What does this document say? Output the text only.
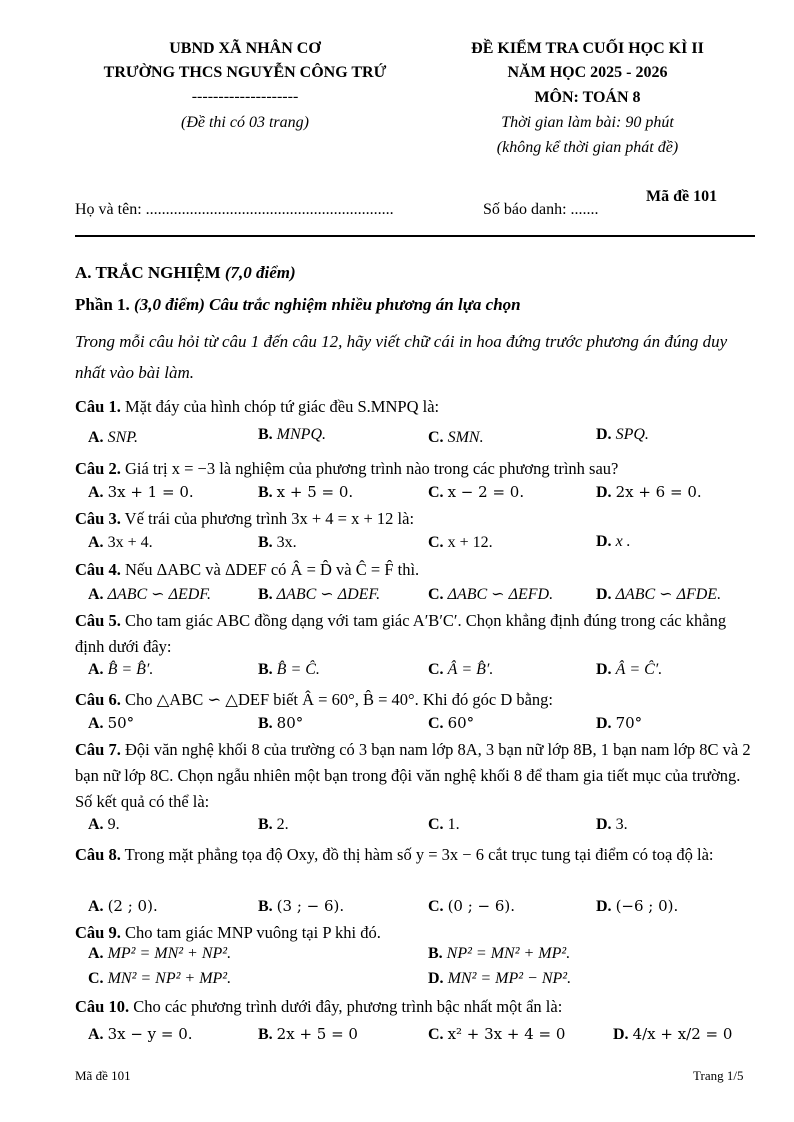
UBND XÃ NHÂN CƠ
TRƯỜNG THCS NGUYỄN CÔNG TRỨ
--------------------
(Đề thi có 03 trang)
ĐỀ KIỂM TRA CUỐI HỌC KÌ II
NĂM HỌC 2025 - 2026
MÔN: TOÁN 8
Thời gian làm bài: 90 phút
(không kể thời gian phát đề)
Họ và tên: ..............................................................	Số báo danh: .......
Mã đề 101
A. TRẮC NGHIỆM (7,0 điểm)
Phần 1. (3,0 điểm) Câu trắc nghiệm nhiều phương án lựa chọn
Trong mỗi câu hỏi từ câu 1 đến câu 12, hãy viết chữ cái in hoa đứng trước phương án đúng duy nhất vào bài làm.
Câu 1. Mặt đáy của hình chóp tứ giác đều S.MNPQ là:
A. SNP.	B. MNPQ.	C. SMN.	D. SPQ.
Câu 2. Giá trị x = −3 là nghiệm của phương trình nào trong các phương trình sau?
A. 3x + 1 = 0.	B. x + 5 = 0.	C. x − 2 = 0.	D. 2x + 6 = 0.
Câu 3. Vế trái của phương trình 3x + 4 = x + 12 là:
A. 3x + 4.	B. 3x.	C. x + 12.	D. x .
Câu 4. Nếu ΔABC và ΔDEF có Â = D̂ và Ĉ = F̂ thì.
A. ΔABC ∽ ΔEDF.	B. ΔABC ∽ ΔDEF.	C. ΔABC ∽ ΔEFD.	D. ΔABC ∽ ΔFDE.
Câu 5. Cho tam giác ABC đồng dạng với tam giác A′B′C′. Chọn khẳng định đúng trong các khẳng định dưới đây:
A. B̂ = B̂′.	B. B̂ = Ĉ.	C. Â = B̂′.	D. Â = Ĉ′.
Câu 6. Cho △ABC ∽ △DEF biết Â = 60°, B̂ = 40°. Khi đó góc D bằng:
A. 50°	B. 80°	C. 60°	D. 70°
Câu 7. Đội văn nghệ khối 8 của trường có 3 bạn nam lớp 8A, 3 bạn nữ lớp 8B, 1 bạn nam lớp 8C và 2 bạn nữ lớp 8C. Chọn ngẫu nhiên một bạn trong đội văn nghệ khối 8 để tham gia tiết mục của trường. Số kết quả có thể là:
A. 9.	B. 2.	C. 1.	D. 3.
Câu 8. Trong mặt phẳng tọa độ Oxy, đồ thị hàm số y = 3x − 6 cắt trục tung tại điểm có toạ độ là:
A. (2 ; 0).	B. (3 ; − 6).	C. (0 ; − 6).	D. (−6 ; 0).
Câu 9. Cho tam giác MNP vuông tại P khi đó.
A. MP² = MN² + NP².	B. NP² = MN² + MP².
C. MN² = NP² + MP².	D. MN² = MP² − NP².
Câu 10. Cho các phương trình dưới đây, phương trình bậc nhất một ẩn là:
A. 3x − y = 0.	B. 2x + 5 = 0	C. x² + 3x + 4 = 0	D. 4/x + x/2 = 0
Mã đề 101	Trang 1/5
